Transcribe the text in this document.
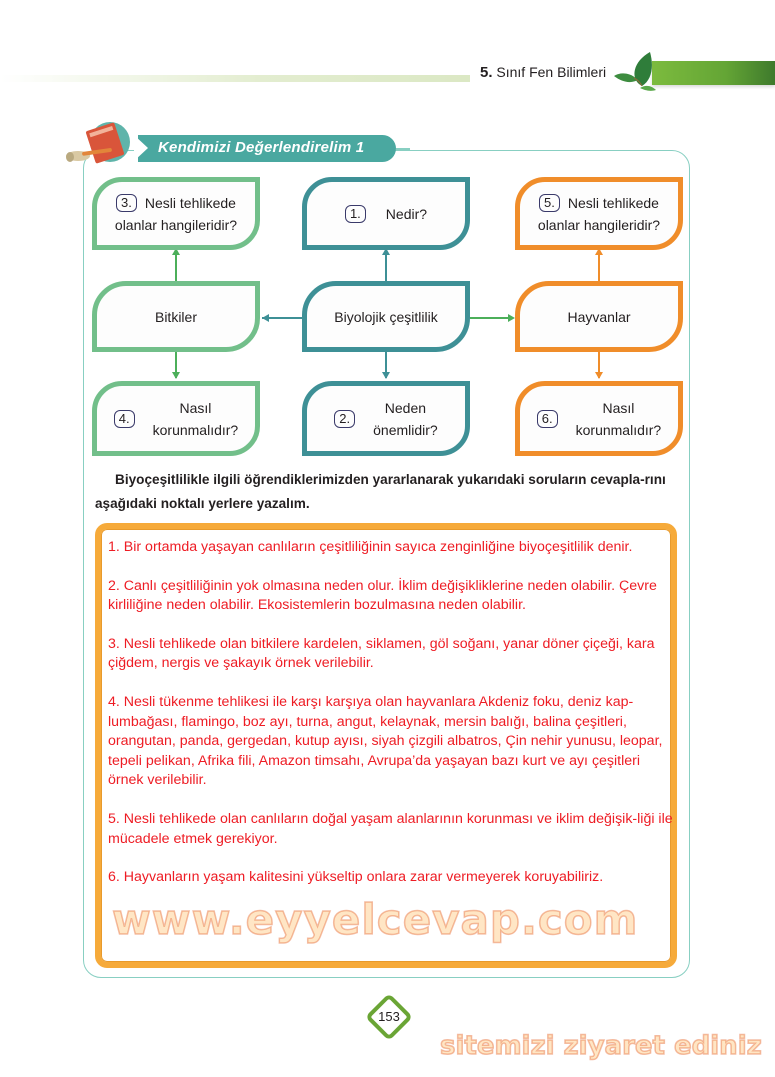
5. Sınıf Fen Bilimleri
Kendimizi Değerlendirelim 1
3. Nesli tehlikede
olanlar hangileridir?
1.	Nedir?
5. Nesli tehlikede
olanlar hangileridir?
Bitkiler	Biyolojik çeşitlilik	Hayvanlar
4.
Nasıl
korunmalıdır?
2.
Neden
önemlidir?
6.
Nasıl
korunmalıdır?
Biyoçeşitlilikle ilgili öğrendiklerimizden yararlanarak yukarıdaki soruların cevapla-rını aşağıdaki noktalı yerlere yazalım.

1. Bir ortamda yaşayan canlıların çeşitliliğinin sayıca zenginliğine biyoçeşitlilik denir.

2. Canlı çeşitliliğinin yok olmasına neden olur. İklim değişikliklerine neden olabilir. Çevre kirliliğine neden olabilir. Ekosistemlerin bozulmasına neden olabilir.

3. Nesli tehlikede olan bitkilere kardelen, siklamen, göl soğanı, yanar döner çiçeği, kara çiğdem, nergis ve şakayık örnek verilebilir.

4. Nesli tükenme tehlikesi ile karşı karşıya olan hayvanlara Akdeniz foku, deniz kap-lumbağası, flamingo, boz ayı, turna, angut, kelaynak, mersin balığı, balina çeşitleri, orangutan, panda, gergedan, kutup ayısı, siyah çizgili albatros, Çin nehir yunusu, leopar, tepeli pelikan, Afrika fili, Amazon timsahı, Avrupa’da yaşayan bazı kurt ve ayı çeşitleri örnek verilebilir.

5. Nesli tehlikede olan canlıların doğal yaşam alanlarının korunması ve iklim değişik-liği ile mücadele etmek gerekiyor.

6. Hayvanların yaşam kalitesini yükseltip onlara zarar vermeyerek koruyabiliriz.

153
www.eyyelcevap.com
sitemizi ziyaret ediniz
